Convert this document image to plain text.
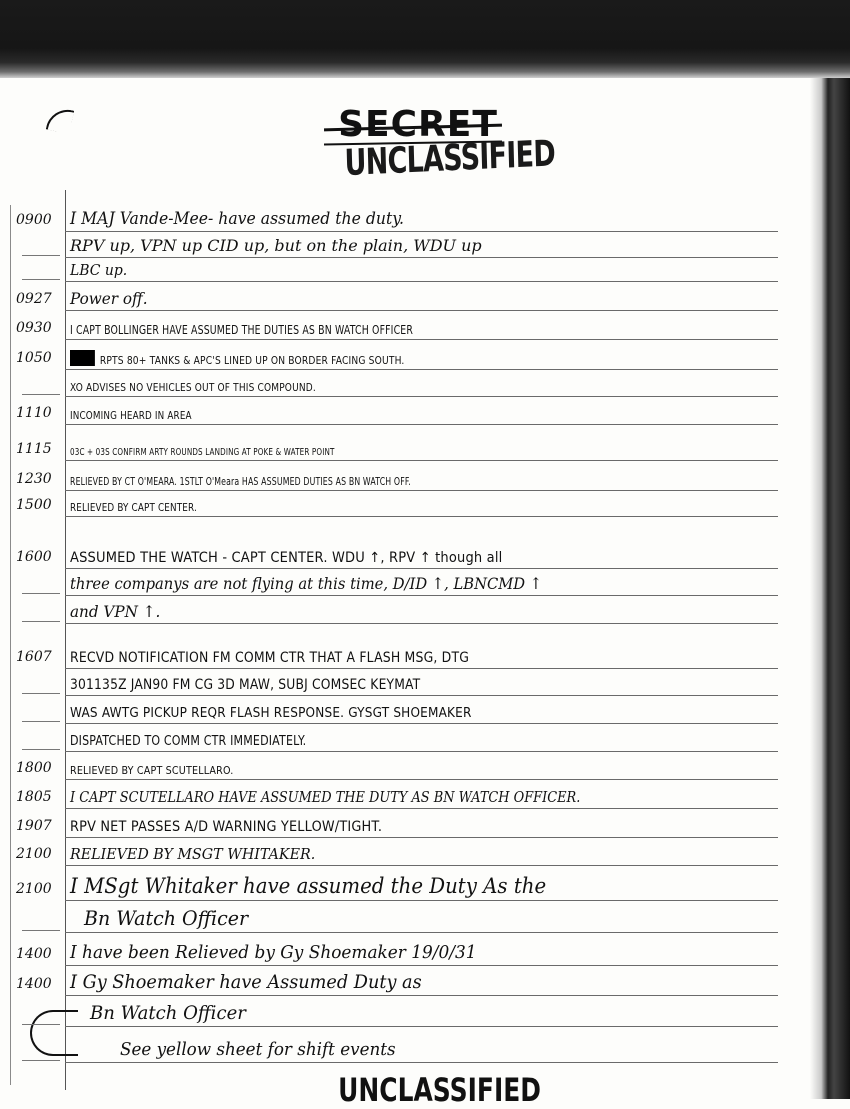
SECRET
UNCLASSIFIED
0900	I MAJ Vande-Mee- have assumed the duty.
RPV up, VPN up CID up, but on the plain, WDU up
LBC up.
0927	Power off.
0930	I CAPT BOLLINGER HAVE ASSUMED THE DUTIES AS BN WATCH OFFICER
1050	RPTS 80+ TANKS & APC'S LINED UP ON BORDER FACING SOUTH.
XO ADVISES NO VEHICLES OUT OF THIS COMPOUND.
1110	INCOMING HEARD IN AREA
1115	03C + 03S CONFIRM ARTY ROUNDS LANDING AT POKE & WATER POINT
1230	RELIEVED BY CT O'MEARA. 1STLT O'Meara HAS ASSUMED DUTIES AS BN WATCH OFF.
1500	RELIEVED BY CAPT CENTER.
1600	ASSUMED THE WATCH - CAPT CENTER. WDU ↑, RPV ↑ though all
three companys are not flying at this time, D/ID ↑, LBNCMD ↑
and VPN ↑.
1607	RECVD NOTIFICATION FM COMM CTR THAT A FLASH MSG, DTG
301135Z JAN90 FM CG 3D MAW, SUBJ COMSEC KEYMAT
WAS AWTG PICKUP REQR FLASH RESPONSE. GYSGT SHOEMAKER
DISPATCHED TO COMM CTR IMMEDIATELY.
1800	RELIEVED BY CAPT SCUTELLARO.
1805	I CAPT SCUTELLARO HAVE ASSUMED THE DUTY AS BN WATCH OFFICER.
1907	RPV NET PASSES A/D WARNING YELLOW/TIGHT.
2100	RELIEVED BY MSGT WHITAKER.
2100 I MSgt Whitaker have assumed the Duty As the
Bn Watch Officer
1400	I have been Relieved by Gy Shoemaker 19/0/31
1400 I Gy Shoemaker have Assumed Duty as
Bn Watch Officer
See yellow sheet for shift events
UNCLASSIFIED
